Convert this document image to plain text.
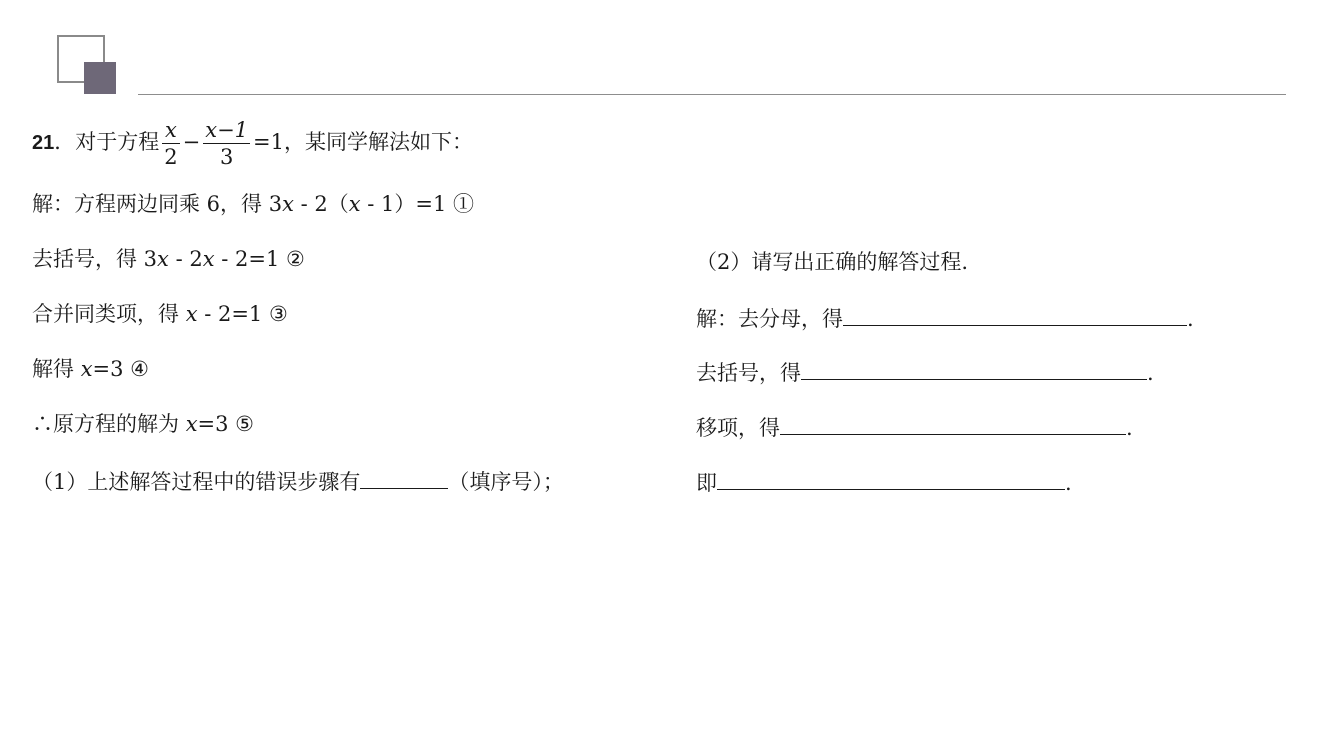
21．对于方程 $\frac{x}{2} - \frac{x-1}{3} =1$，某同学解法如下：
解：方程两边同乘 6，得 3x - 2（x - 1）=1 ①
去括号，得 3x - 2x - 2=1 ②
合并同类项，得 x - 2=1 ③
解得 x=3 ④
∴原方程的解为 x=3 ⑤
（1）上述解答过程中的错误步骤有	（填序号）；
（2）请写出正确的解答过程.
解：去分母，得	.
去括号，得	.
移项，得	.
即	.
